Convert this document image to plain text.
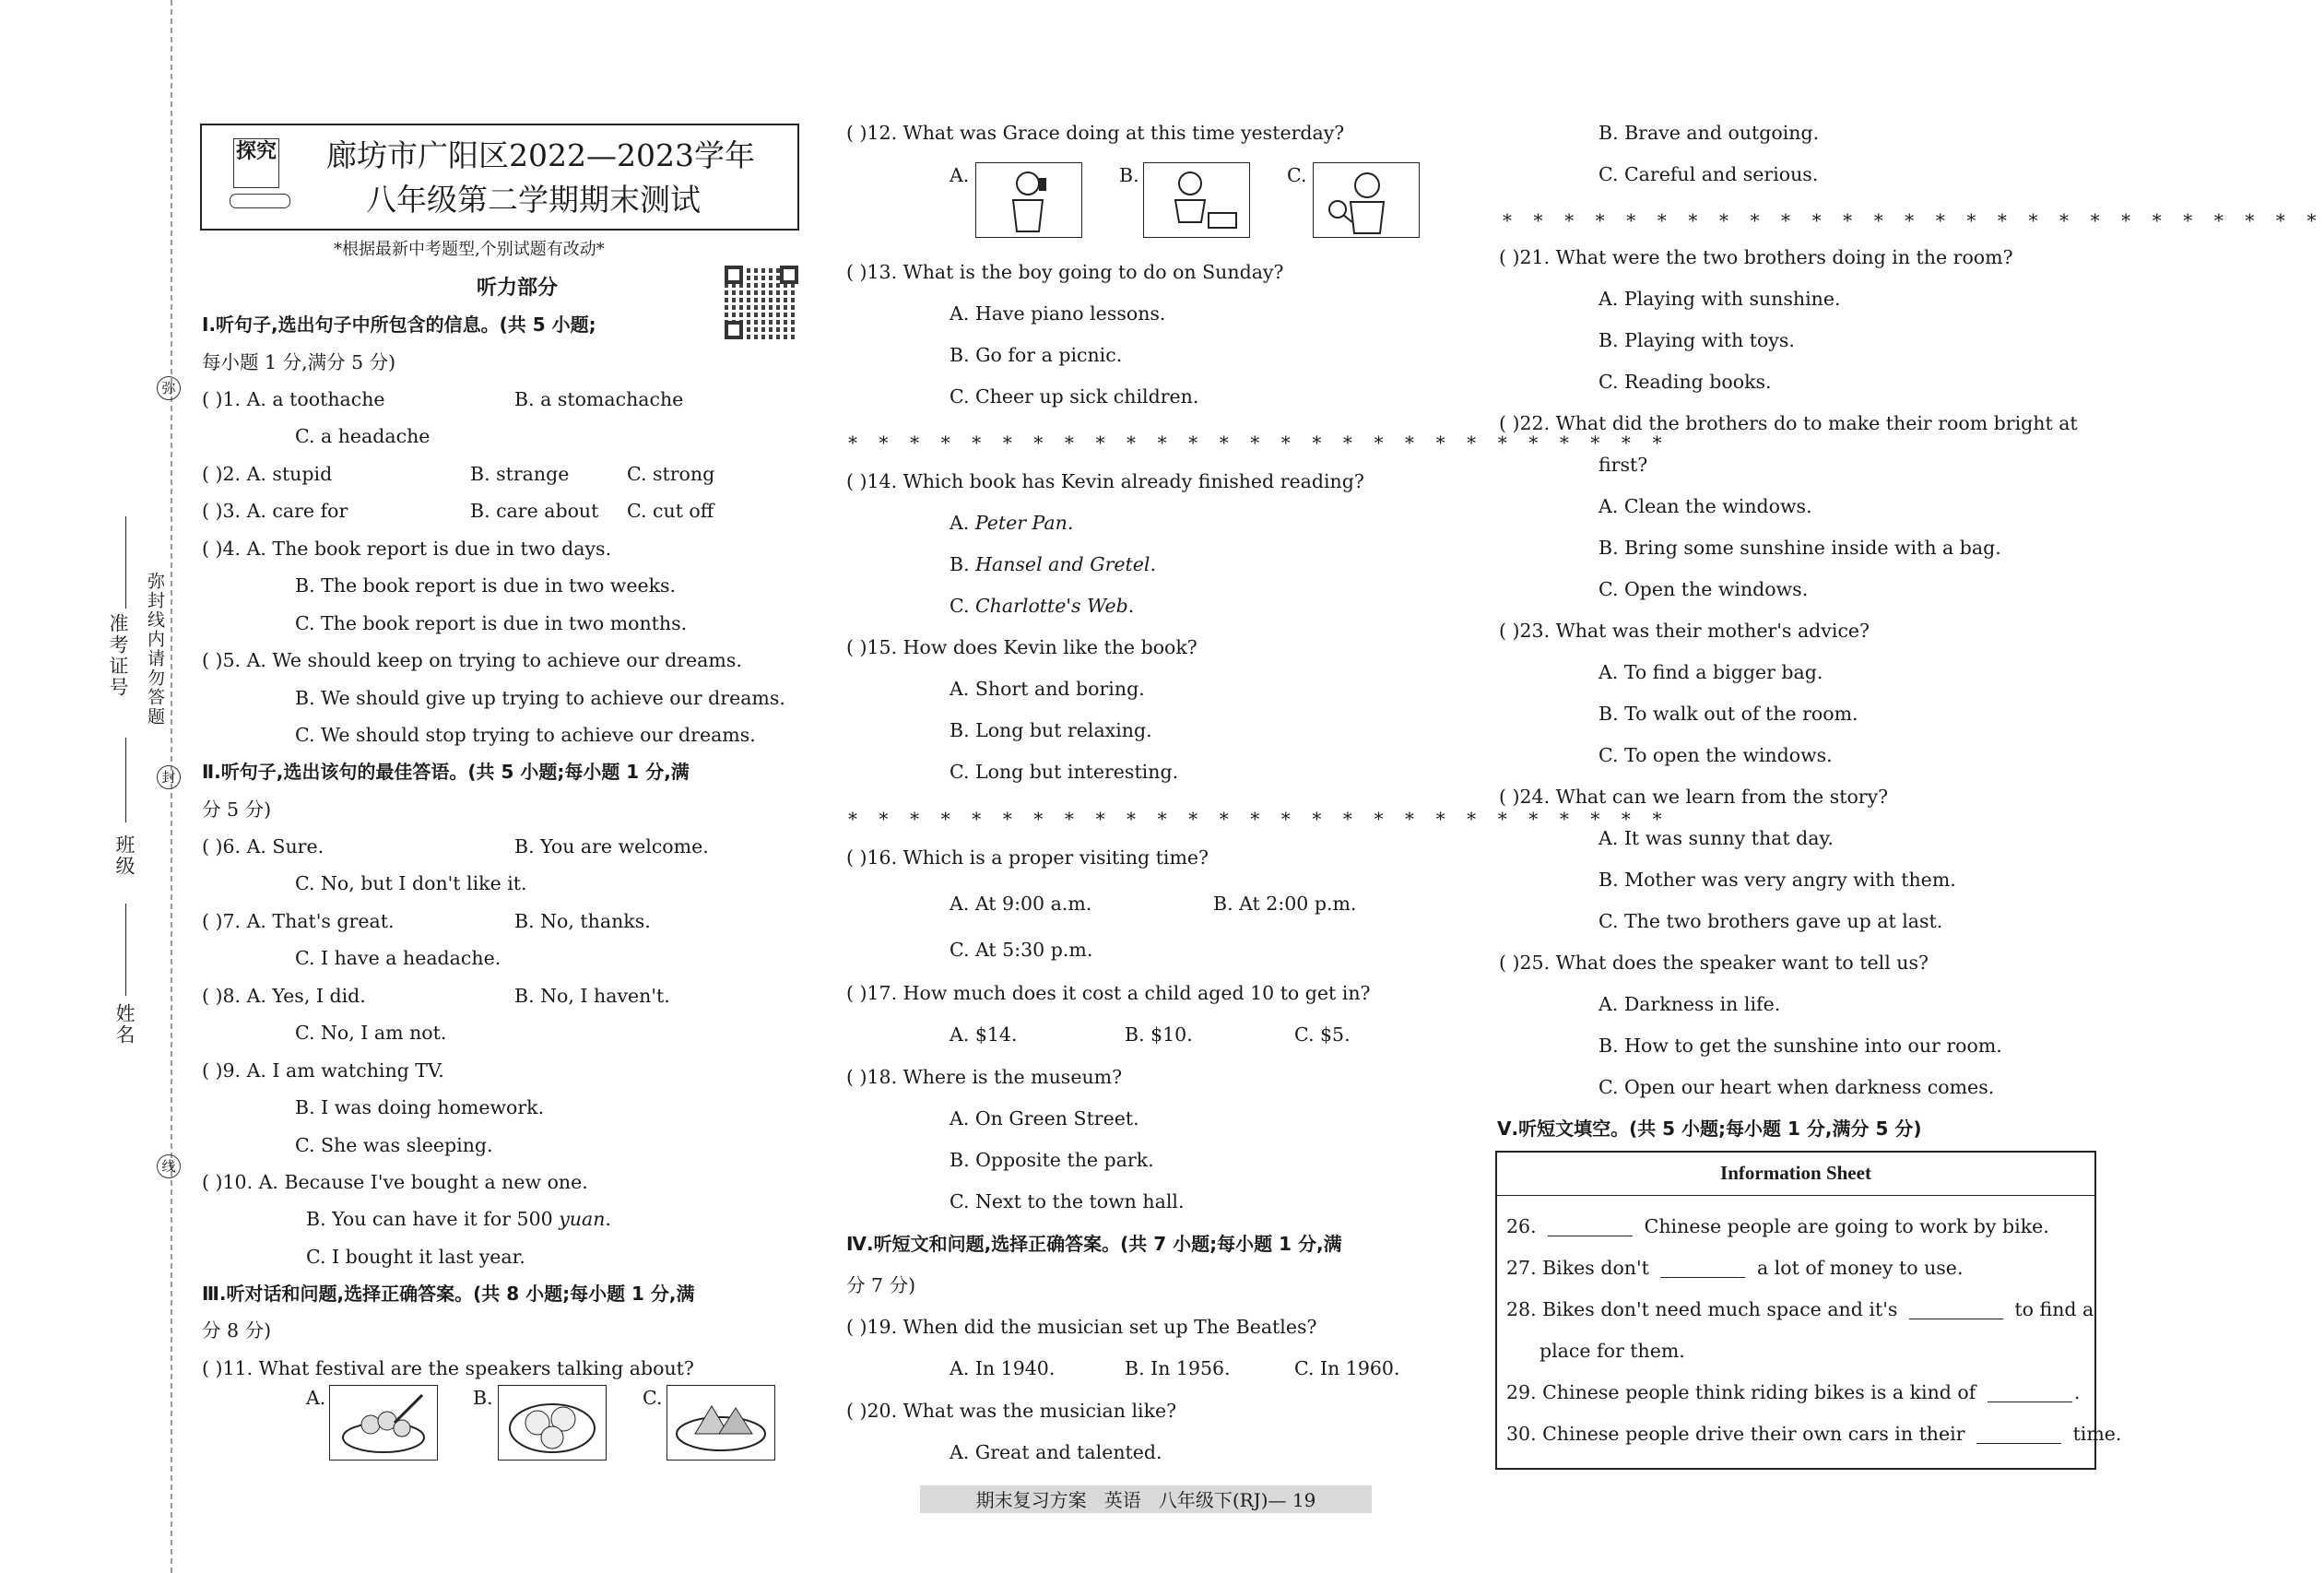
弥
准考证号 弥封线内请勿答题
封
班级
姓名
线
探究 廊坊市广阳区2022—2023学年
八年级第二学期期末测试
*根据最新中考题型,个别试题有改动*
听力部分
Ⅰ.听句子,选出句子中所包含的信息。(共 5 小题;
每小题 1 分,满分 5 分)
( )1. A. a toothache	B. a stomachache
C. a headache
( )2. A. stupid	B. strange	C. strong
( )3. A. care for	B. care about C. cut off
( )4. A. The book report is due in two days.
B. The book report is due in two weeks.
C. The book report is due in two months.
( )5. A. We should keep on trying to achieve our dreams.
B. We should give up trying to achieve our dreams.
C. We should stop trying to achieve our dreams.
Ⅱ.听句子,选出该句的最佳答语。(共 5 小题;每小题 1 分,满
分 5 分)
( )6. A. Sure.	B. You are welcome.
C. No, but I don't like it.
( )7. A. That's great.	B. No, thanks.
C. I have a headache.
( )8. A. Yes, I did.	B. No, I haven't.
C. No, I am not.
( )9. A. I am watching TV.
B. I was doing homework.
C. She was sleeping.
( )10. A. Because I've bought a new one.
B. You can have it for 500 yuan.
C. I bought it last year.
Ⅲ.听对话和问题,选择正确答案。(共 8 小题;每小题 1 分,满
分 8 分)
( )11. What festival are the speakers talking about?
A.	B.	C.
( )12. What was Grace doing at this time yesterday?
A.	B.	C.
( )13. What is the boy going to do on Sunday?
A. Have piano lessons.
B. Go for a picnic.
C. Cheer up sick children.
* * * * * * * * * * * * * * * * * * * * * * * * * * *
( )14. Which book has Kevin already finished reading?
A. Peter Pan.
B. Hansel and Gretel.
C. Charlotte's Web.
( )15. How does Kevin like the book?
A. Short and boring.
B. Long but relaxing.
C. Long but interesting.
* * * * * * * * * * * * * * * * * * * * * * * * * * *
( )16. Which is a proper visiting time?
A. At 9:00 a.m.	B. At 2:00 p.m.
C. At 5:30 p.m.
( )17. How much does it cost a child aged 10 to get in?
A. $14.	B. $10.	C. $5.
( )18. Where is the museum?
A. On Green Street.
B. Opposite the park.
C. Next to the town hall.
Ⅳ.听短文和问题,选择正确答案。(共 7 小题;每小题 1 分,满
分 7 分)
( )19. When did the musician set up The Beatles?
A. In 1940.	B. In 1956.	C. In 1960.
( )20. What was the musician like?
A. Great and talented.
B. Brave and outgoing.
C. Careful and serious.
* * * * * * * * * * * * * * * * * * * * * * * * * * *
( )21. What were the two brothers doing in the room?
A. Playing with sunshine.
B. Playing with toys.
C. Reading books.
( )22. What did the brothers do to make their room bright at
first?
A. Clean the windows.
B. Bring some sunshine inside with a bag.
C. Open the windows.
( )23. What was their mother's advice?
A. To find a bigger bag.
B. To walk out of the room.
C. To open the windows.
( )24. What can we learn from the story?
A. It was sunny that day.
B. Mother was very angry with them.
C. The two brothers gave up at last.
( )25. What does the speaker want to tell us?
A. Darkness in life.
B. How to get the sunshine into our room.
C. Open our heart when darkness comes.
Ⅴ.听短文填空。(共 5 小题;每小题 1 分,满分 5 分)
Information Sheet
26.	Chinese people are going to work by bike.
27. Bikes don't	a lot of money to use.
28. Bikes don't need much space and it's	to find a
place for them.
29. Chinese people think riding bikes is a kind of	.
30. Chinese people drive their own cars in their	time.
期末复习方案   英语   八年级下(RJ)— 19
